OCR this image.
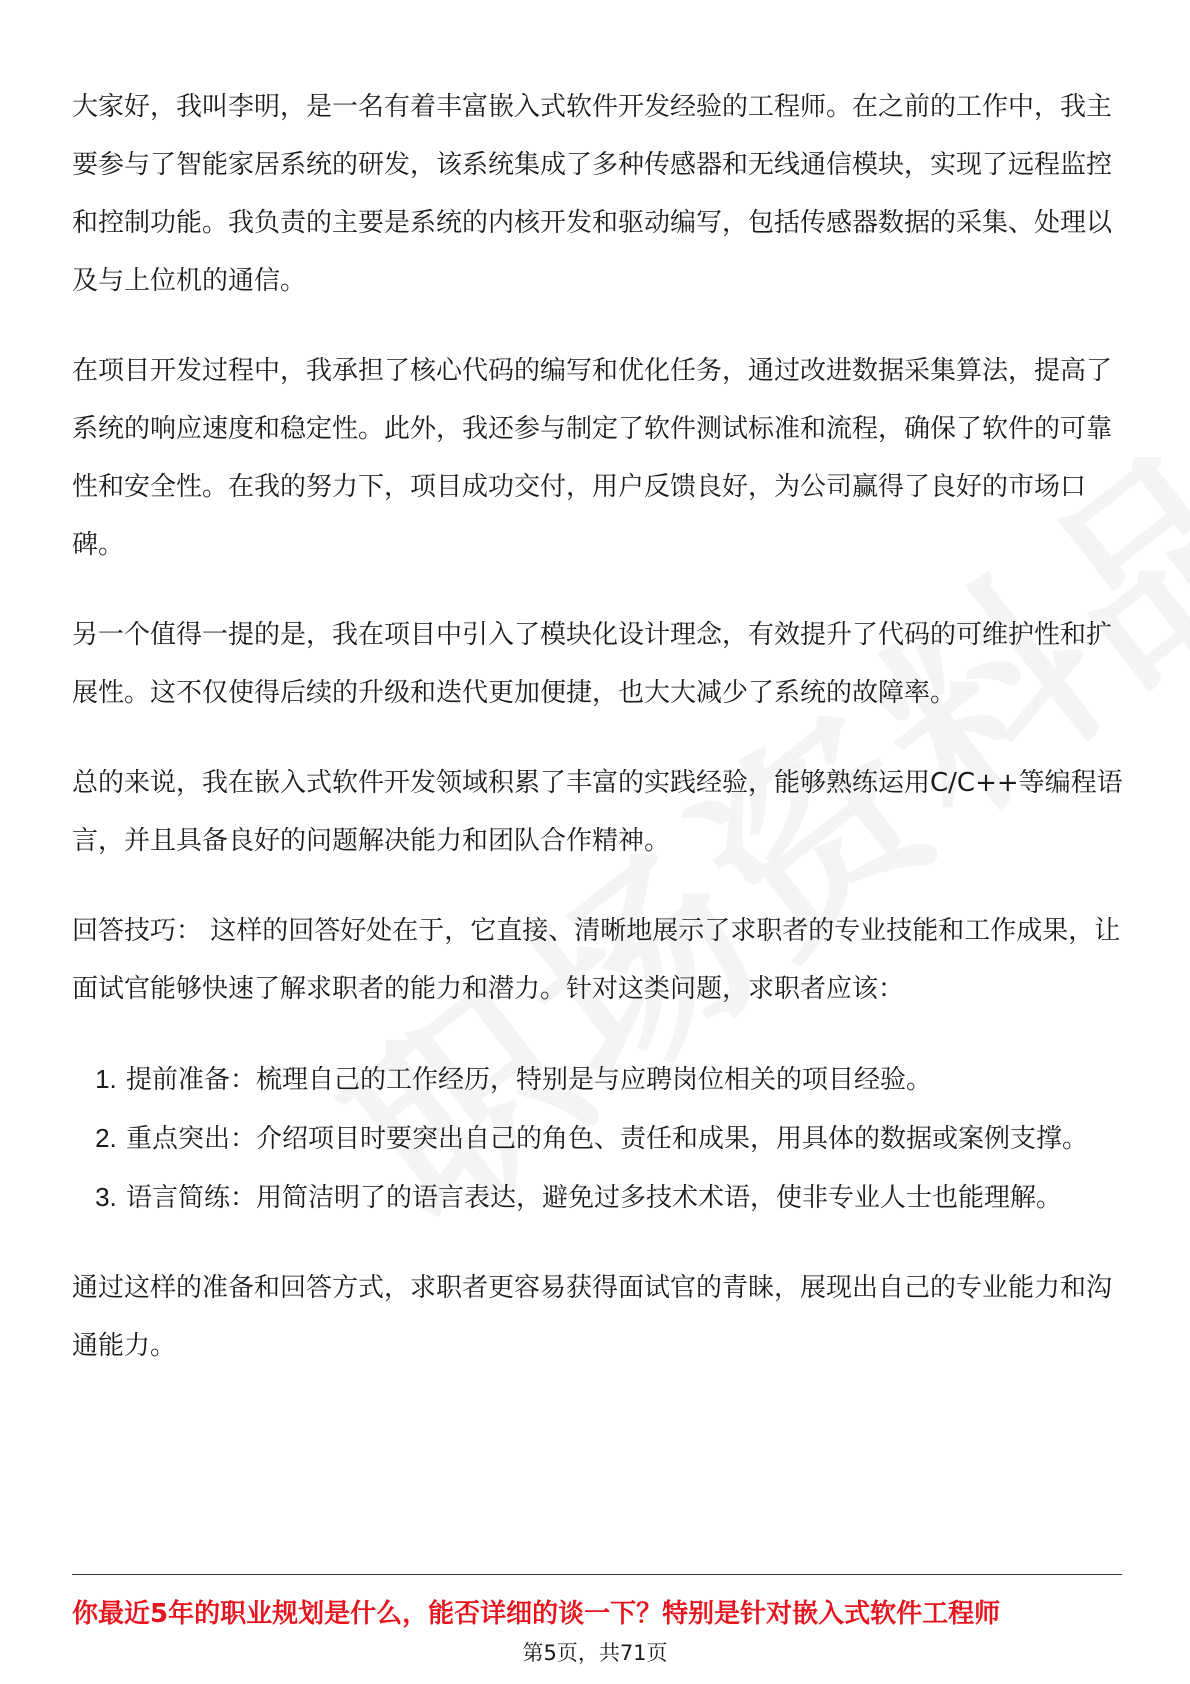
大家好，我叫李明，是一名有着丰富嵌入式软件开发经验的工程师。在之前的工作中，我主要参与了智能家居系统的研发，该系统集成了多种传感器和无线通信模块，实现了远程监控和控制功能。我负责的主要是系统的内核开发和驱动编写，包括传感器数据的采集、处理以及与上位机的通信。

在项目开发过程中，我承担了核心代码的编写和优化任务，通过改进数据采集算法，提高了系统的响应速度和稳定性。此外，我还参与制定了软件测试标准和流程，确保了软件的可靠性和安全性。在我的努力下，项目成功交付，用户反馈良好，为公司赢得了良好的市场口碑。

另一个值得一提的是，我在项目中引入了模块化设计理念，有效提升了代码的可维护性和扩展性。这不仅使得后续的升级和迭代更加便捷，也大大减少了系统的故障率。

总的来说，我在嵌入式软件开发领域积累了丰富的实践经验，能够熟练运用C/C++等编程语言，并且具备良好的问题解决能力和团队合作精神。

回答技巧： 这样的回答好处在于，它直接、清晰地展示了求职者的专业技能和工作成果，让面试官能够快速了解求职者的能力和潜力。针对这类问题，求职者应该：

1. 提前准备：梳理自己的工作经历，特别是与应聘岗位相关的项目经验。
2. 重点突出：介绍项目时要突出自己的角色、责任和成果，用具体的数据或案例支撑。
3. 语言简练：用简洁明了的语言表达，避免过多技术术语，使非专业人士也能理解。

通过这样的准备和回答方式，求职者更容易获得面试官的青睐，展现出自己的专业能力和沟通能力。

你最近5年的职业规划是什么，能否详细的谈一下？特别是针对嵌入式软件工程师
第5页，共71页
